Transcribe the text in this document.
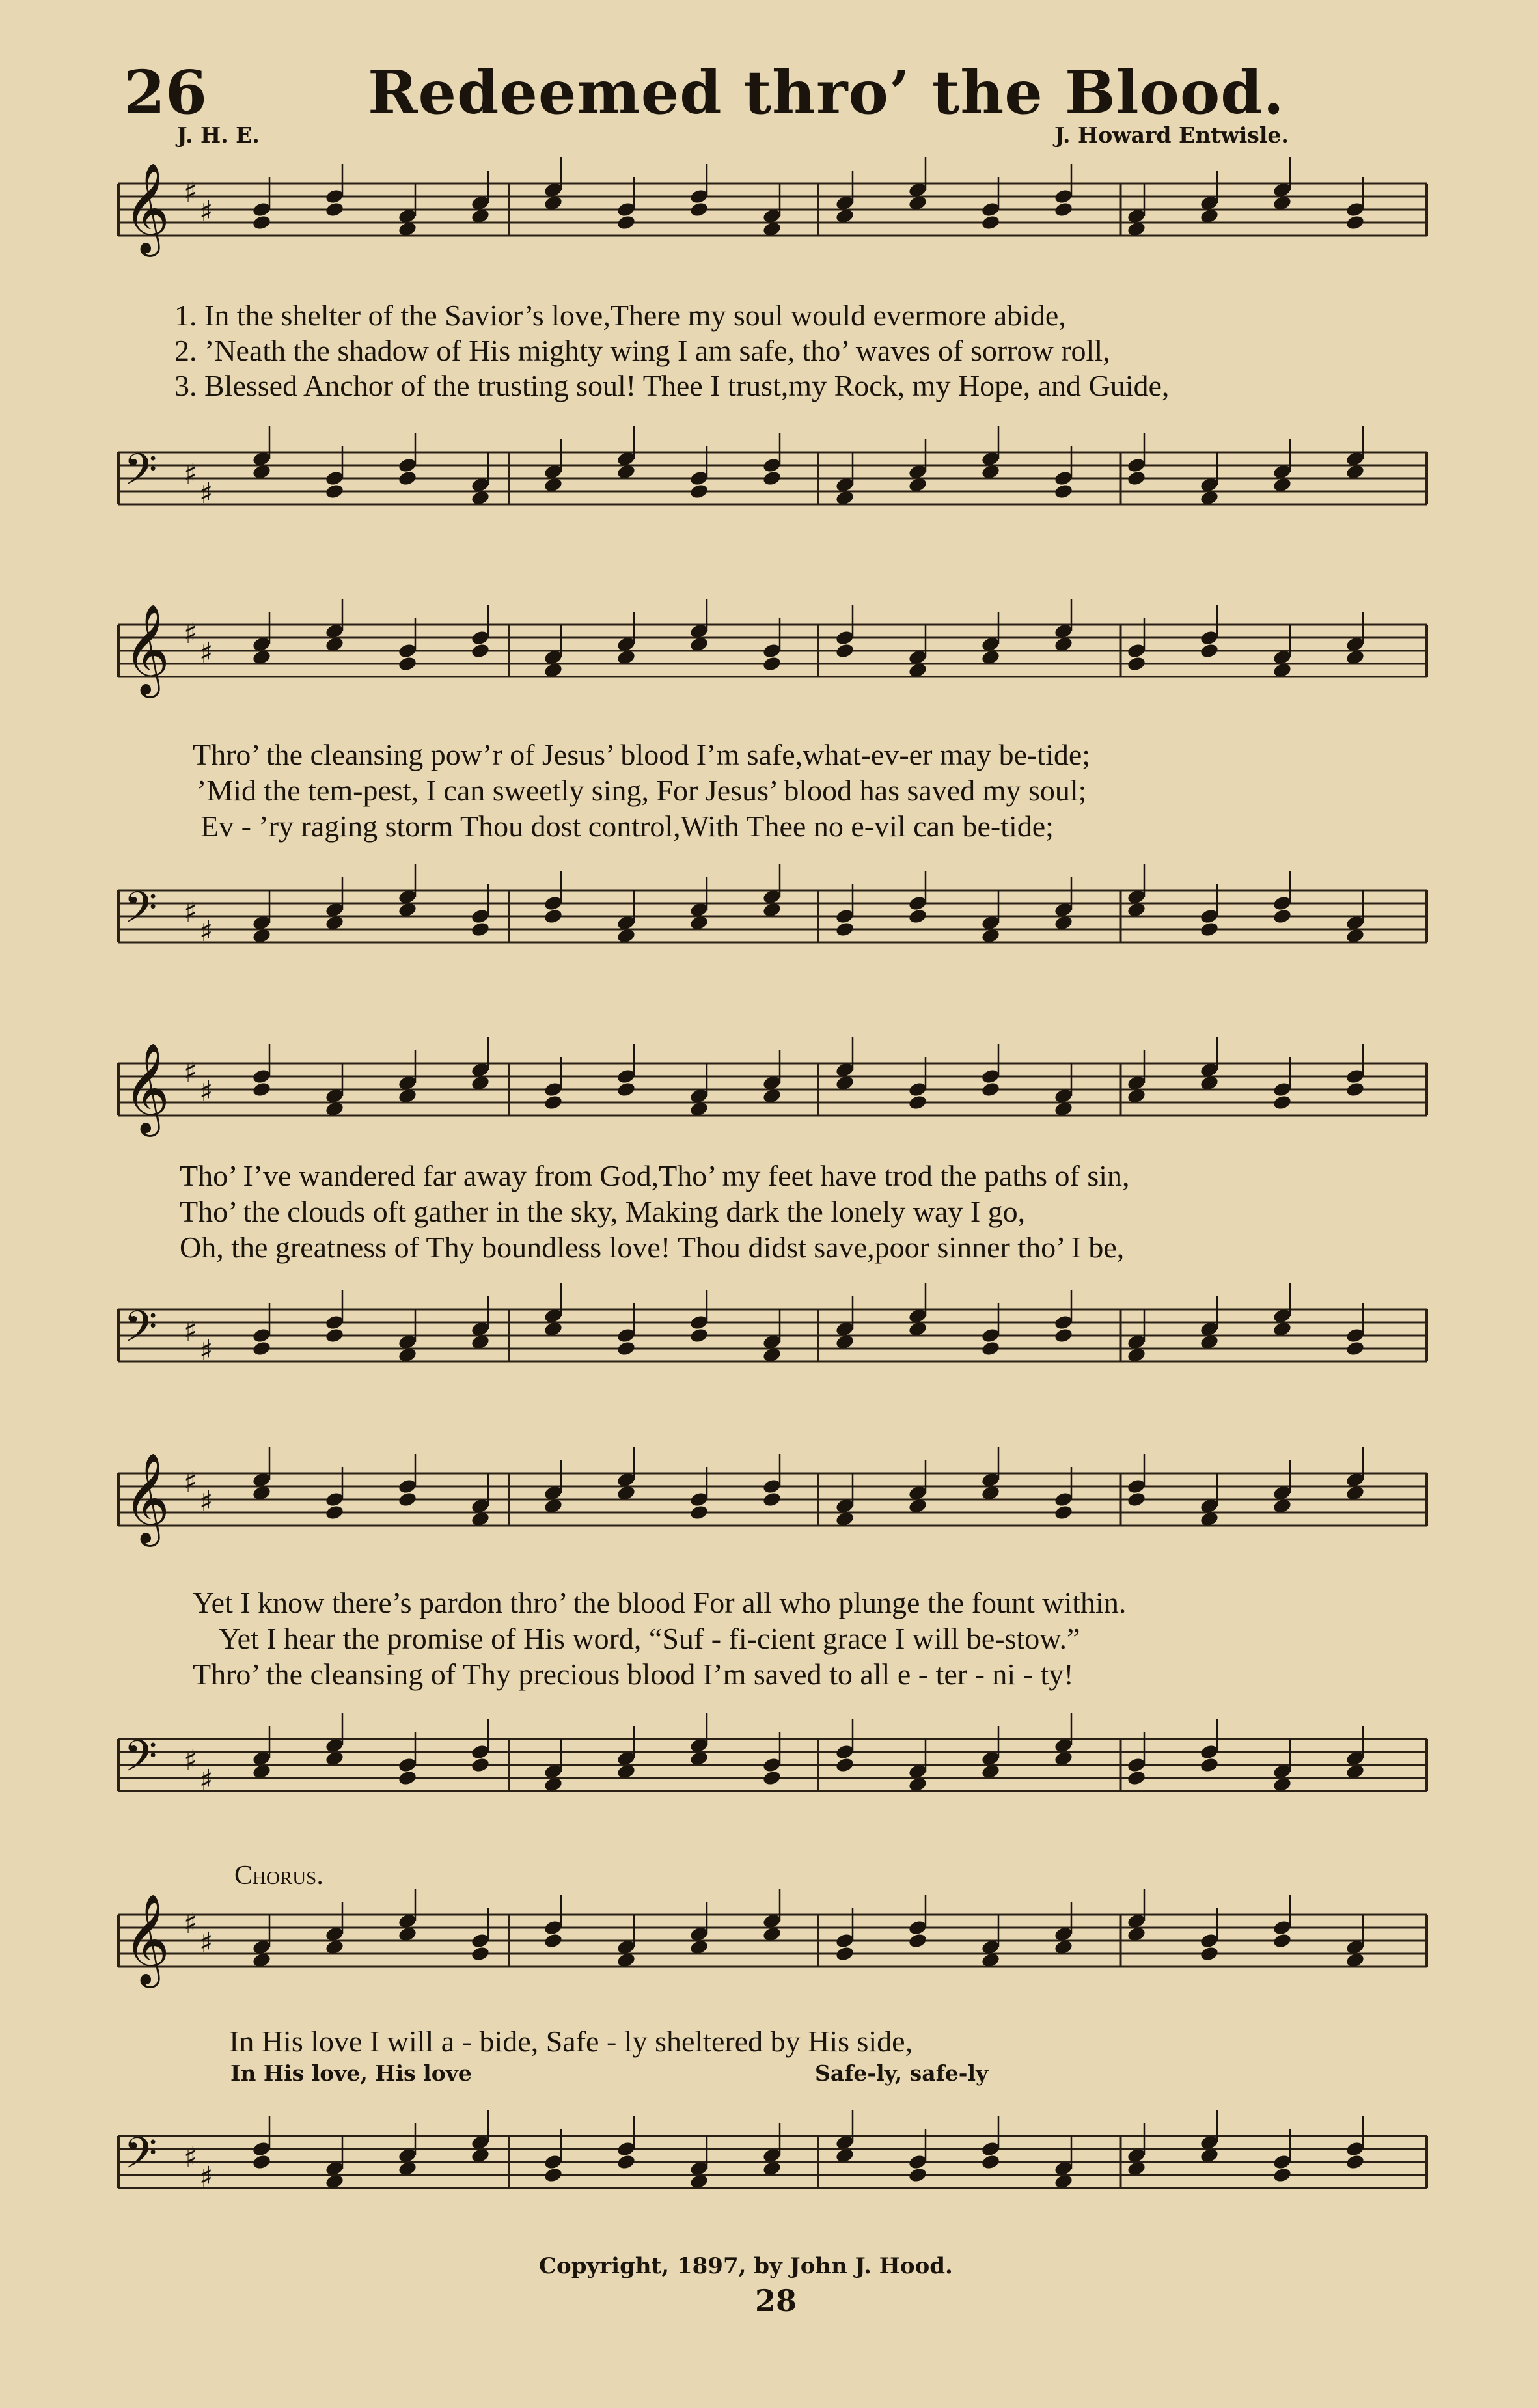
26	Redeemed thro’ the Blood.
J. H. E.	J. Howard Entwisle.
𝄞 ♯
♯
1. In the shelter of the Savior’s love,There my soul would evermore abide,
2. ’Neath the shadow of His mighty wing I am safe, tho’ waves of sorrow roll,
3. Blessed Anchor of the trusting soul! Thee I trust,my Rock, my Hope, and Guide,
𝄢 ♯
♯
𝄞 ♯
♯
Thro’ the cleansing pow’r of Jesus’ blood I’m safe,what-ev-er may be-tide;
’Mid the tem-pest, I can sweetly sing, For Jesus’ blood has saved my soul;
Ev - ’ry raging storm Thou dost control,With Thee no e-vil can be-tide;
𝄢 ♯
♯
𝄞 ♯
♯
Tho’ I’ve wandered far away from God,Tho’ my feet have trod the paths of sin,
Tho’ the clouds oft gather in the sky, Making dark the lonely way I go,
Oh, the greatness of Thy boundless love! Thou didst save,poor sinner tho’ I be,
𝄢 ♯
♯
𝄞 ♯
♯
Yet I know there’s pardon thro’ the blood For all who plunge the fount within.
Yet I hear the promise of His word, “Suf - fi-cient grace I will be-stow.”
Thro’ the cleansing of Thy precious blood I’m saved to all e - ter - ni - ty!
𝄢 ♯
♯
Chorus.
𝄞 ♯
♯
In His love I will a - bide, Safe - ly sheltered by His side,
In His love, His love	Safe-ly, safe-ly
𝄢 ♯
♯
Copyright, 1897, by John J. Hood.
28
